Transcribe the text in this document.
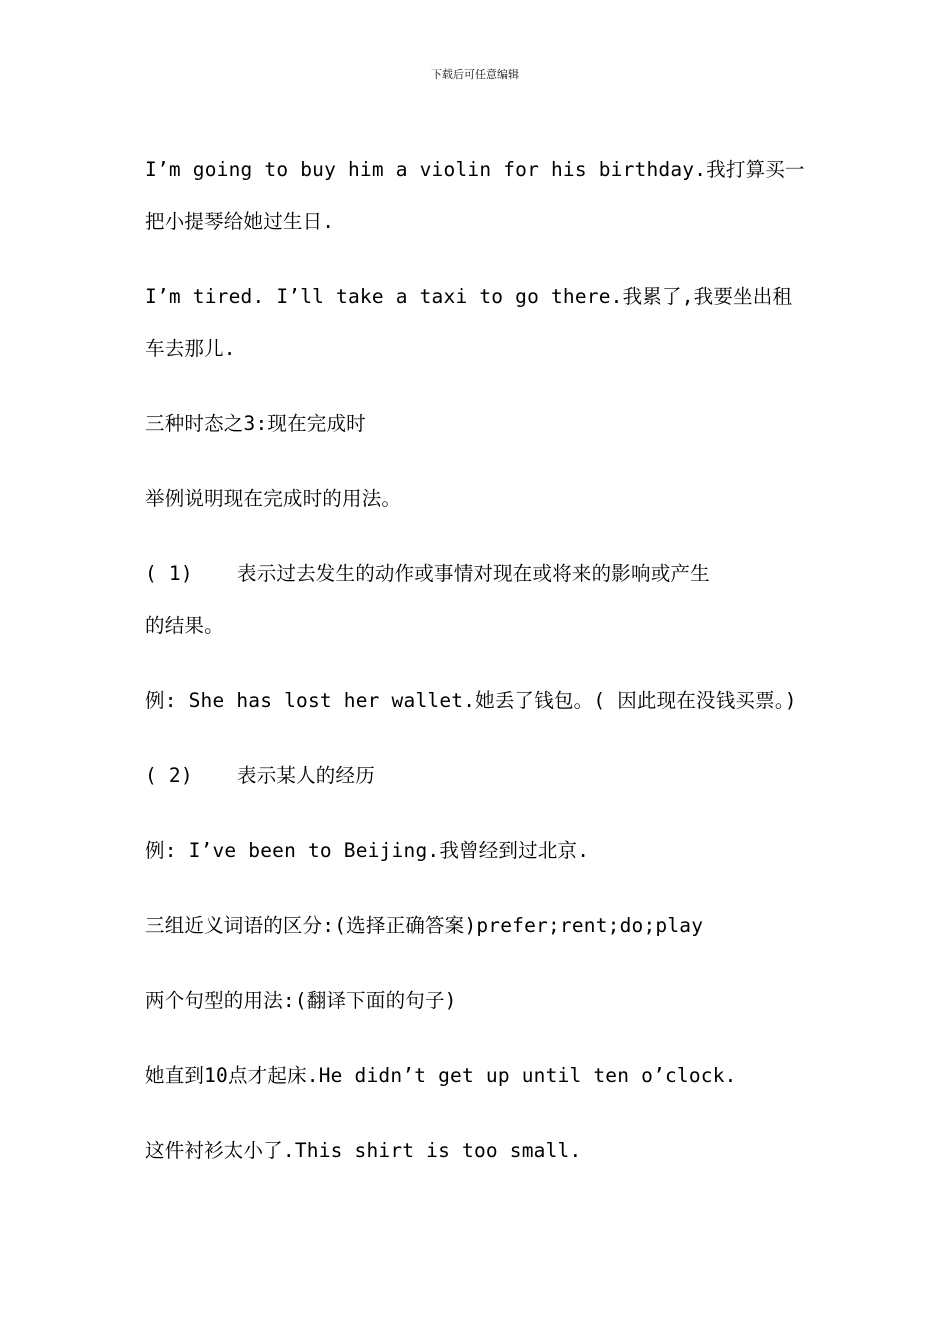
下载后可任意编辑

I’m going to buy him a violin for his birthday.我打算买一把小提琴给她过生日.

I’m tired. I’ll take a taxi to go there.我累了,我要坐出租车去那儿.

三种时态之3:现在完成时

举例说明现在完成时的用法。

( 1)	表示过去发生的动作或事情对现在或将来的影响或产生
的结果。

例: She has lost her wallet.她丢了钱包。( 因此现在没钱买票。)

( 2)	表示某人的经历

例: I’ve been to Beijing.我曾经到过北京.

三组近义词语的区分:(选择正确答案)prefer;rent;do;play

两个句型的用法:(翻译下面的句子)

她直到10点才起床.He didn’t get up until ten o’clock.

这件衬衫太小了.This shirt is too small.
